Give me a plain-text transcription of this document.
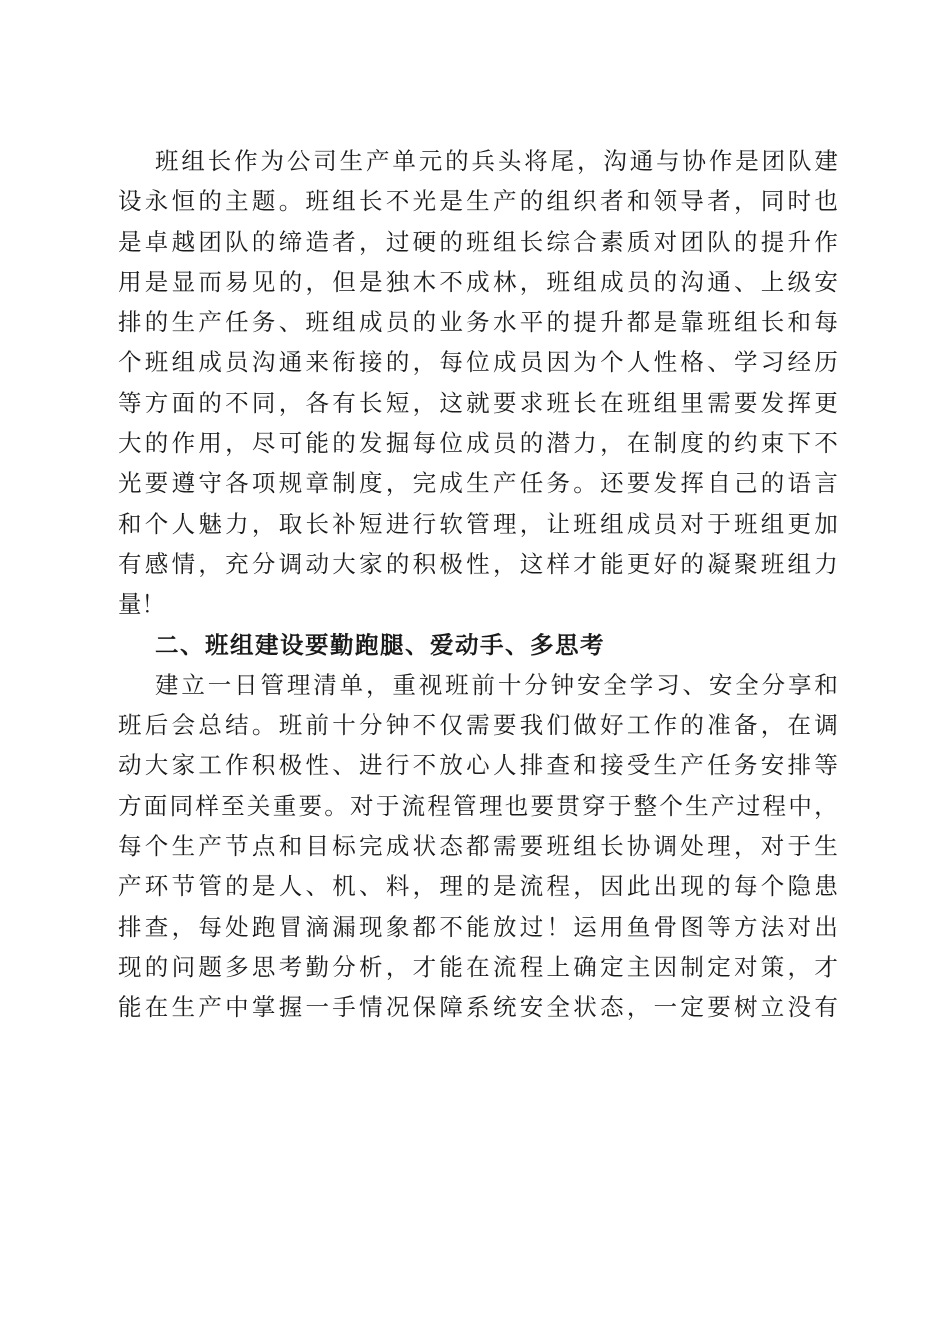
班 组 长 作 为 公 司 生 产 单 元 的 兵 头 将 尾 ， 沟 通 与 协 作 是 团 队 建
设 永 恒 的 主 题 。 班 组 长 不 光 是 生 产 的 组 织 者 和 领 导 者 ， 同 时 也
是 卓 越 团 队 的 缔 造 者 ， 过 硬 的 班 组 长 综 合 素 质 对 团 队 的 提 升 作
用 是 显 而 易 见 的 ， 但 是 独 木 不 成 林 ， 班 组 成 员 的 沟 通 、 上 级 安
排 的 生 产 任 务 、 班 组 成 员 的 业 务 水 平 的 提 升 都 是 靠 班 组 长 和 每
个 班 组 成 员 沟 通 来 衔 接 的 ， 每 位 成 员 因 为 个 人 性 格 、 学 习 经 历
等 方 面 的 不 同 ， 各 有 长 短 ， 这 就 要 求 班 长 在 班 组 里 需 要 发 挥 更
大 的 作 用 ， 尽 可 能 的 发 掘 每 位 成 员 的 潜 力 ， 在 制 度 的 约 束 下 不
光 要 遵 守 各 项 规 章 制 度 ， 完 成 生 产 任 务 。 还 要 发 挥 自 己 的 语 言
和 个 人 魅 力 ， 取 长 补 短 进 行 软 管 理 ， 让 班 组 成 员 对 于 班 组 更 加
有 感 情 ， 充 分 调 动 大 家 的 积 极 性 ， 这 样 才 能 更 好 的 凝 聚 班 组 力
量！
二、班组建设要勤跑腿、爱动手、多思考
建 立 一 日 管 理 清 单 ， 重 视 班 前 十 分 钟 安 全 学 习 、 安 全 分 享 和
班 后 会 总 结 。 班 前 十 分 钟 不 仅 需 要 我 们 做 好 工 作 的 准 备 ， 在 调
动 大 家 工 作 积 极 性 、 进 行 不 放 心 人 排 查 和 接 受 生 产 任 务 安 排 等
方 面 同 样 至 关 重 要 。 对 于 流 程 管 理 也 要 贯 穿 于 整 个 生 产 过 程 中 ，
每 个 生 产 节 点 和 目 标 完 成 状 态 都 需 要 班 组 长 协 调 处 理 ， 对 于 生
产 环 节 管 的 是 人 、 机 、 料 ， 理 的 是 流 程 ， 因 此 出 现 的 每 个 隐 患
排 查 ， 每 处 跑 冒 滴 漏 现 象 都 不 能 放 过 ！ 运 用 鱼 骨 图 等 方 法 对 出
现 的 问 题 多 思 考 勤 分 析 ， 才 能 在 流 程 上 确 定 主 因 制 定 对 策 ， 才
能 在 生 产 中 掌 握 一 手 情 况 保 障 系 统 安 全 状 态 ， 一 定 要 树 立 没 有
